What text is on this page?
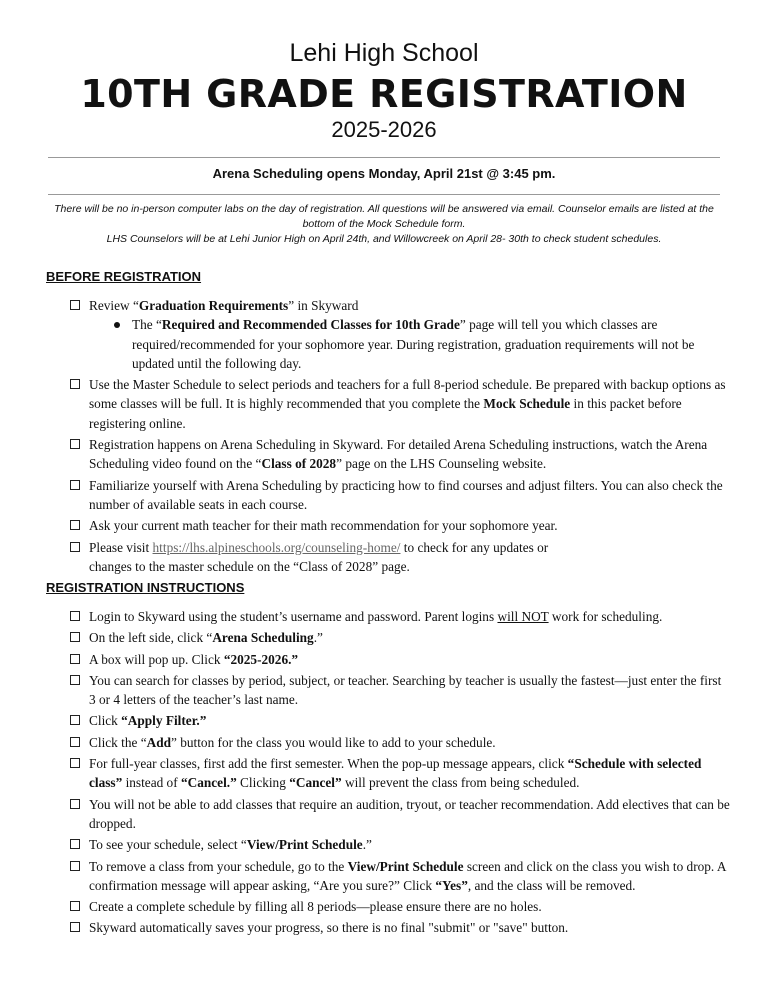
Lehi High School
10TH GRADE REGISTRATION
2025-2026
Arena Scheduling opens Monday, April 21st @ 3:45 pm.

There will be no in-person computer labs on the day of registration. All questions will be answered via email. Counselor emails are listed at the bottom of the Mock Schedule form.

LHS Counselors will be at Lehi Junior High on April 24th, and Willowcreek on April 28- 30th to check student schedules.

BEFORE REGISTRATION
Review “Graduation Requirements” in Skyward
The “Required and Recommended Classes for 10th Grade” page will tell you which classes are required/recommended for your sophomore year. During registration, graduation requirements will not be updated until the following day.
Use the Master Schedule to select periods and teachers for a full 8-period schedule. Be prepared with backup options as some classes will be full. It is highly recommended that you complete the Mock Schedule in this packet before registering online.
Registration happens on Arena Scheduling in Skyward. For detailed Arena Scheduling instructions, watch the Arena Scheduling video found on the “Class of 2028” page on the LHS Counseling website.
Familiarize yourself with Arena Scheduling by practicing how to find courses and adjust filters. You can also check the number of available seats in each course.
Ask your current math teacher for their math recommendation for your sophomore year.
Please visit https://lhs.alpineschools.org/counseling-home/ to check for any updates or
changes to the master schedule on the “Class of 2028” page.
REGISTRATION INSTRUCTIONS
Login to Skyward using the student’s username and password. Parent logins will NOT work for scheduling.
On the left side, click “Arena Scheduling.”
A box will pop up. Click “2025-2026.”
You can search for classes by period, subject, or teacher. Searching by teacher is usually the fastest—just enter the first 3 or 4 letters of the teacher’s last name.
Click “Apply Filter.”
Click the “Add” button for the class you would like to add to your schedule.
For full-year classes, first add the first semester. When the pop-up message appears, click “Schedule with selected class” instead of “Cancel.” Clicking “Cancel” will prevent the class from being scheduled.
You will not be able to add classes that require an audition, tryout, or teacher recommendation. Add electives that can be dropped.
To see your schedule, select “View/Print Schedule.”
To remove a class from your schedule, go to the View/Print Schedule screen and click on the class you wish to drop. A confirmation message will appear asking, “Are you sure?” Click “Yes”, and the class will be removed.
Create a complete schedule by filling all 8 periods—please ensure there are no holes.
Skyward automatically saves your progress, so there is no final "submit" or "save" button.
